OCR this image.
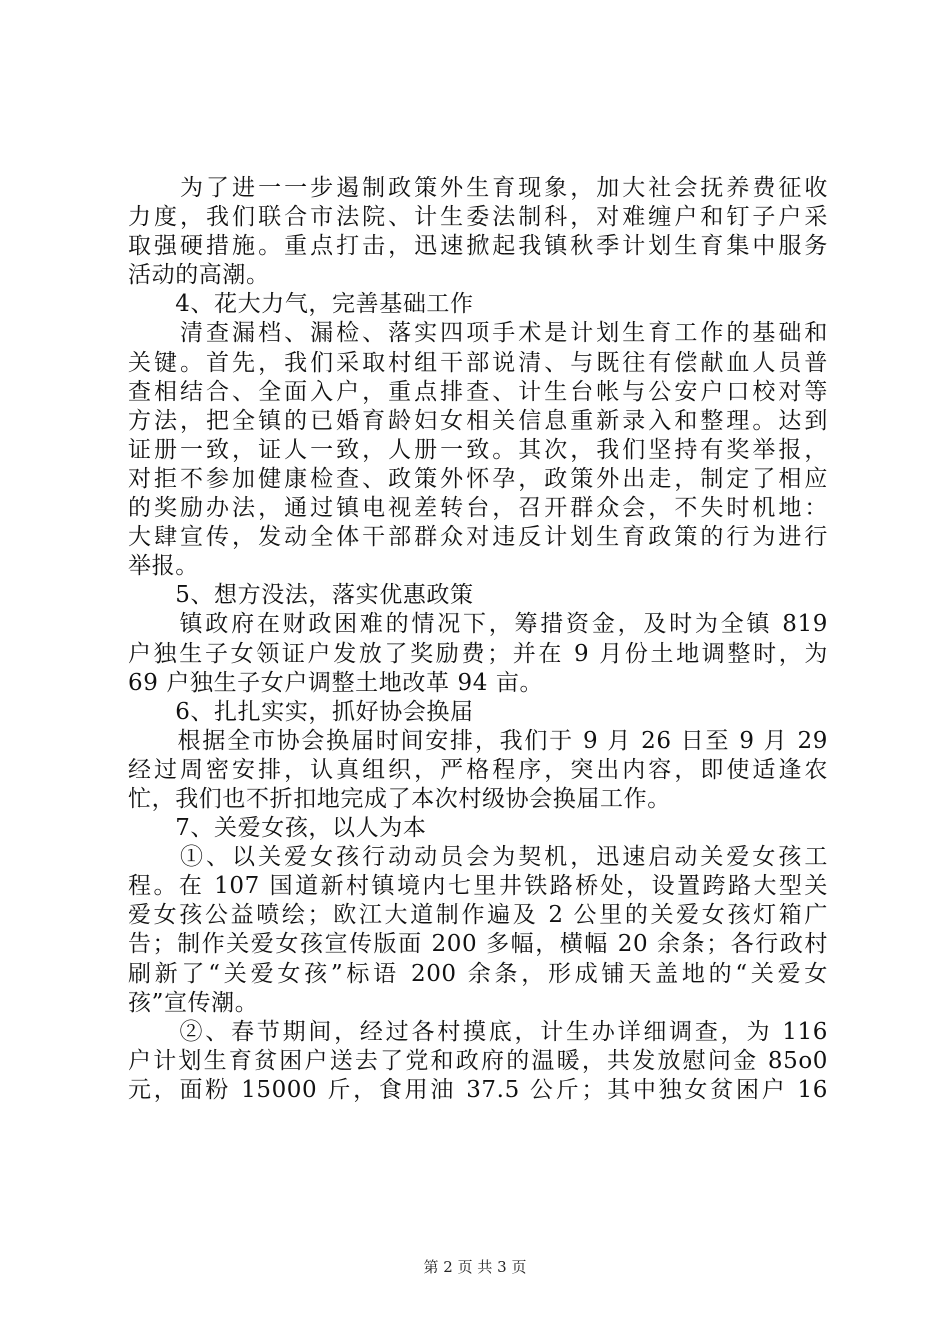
　　为了进一一步遏制政策外生育现象，加大社会抚养费征收
力度，我们联合市法院、计生委法制科，对难缠户和钉子户采
取强硬措施。重点打击，迅速掀起我镇秋季计划生育集中服务
活动的高潮。
　　4、花大力气，完善基础工作
　　清查漏档、漏检、落实四项手术是计划生育工作的基础和
关键。首先，我们采取村组干部说清、与既往有偿献血人员普
查相结合、全面入户，重点排查、计生台帐与公安户口校对等
方法，把全镇的已婚育龄妇女相关信息重新录入和整理。达到
证册一致，证人一致，人册一致。其次，我们坚持有奖举报，
对拒不参加健康检查、政策外怀孕，政策外出走，制定了相应
的奖励办法，通过镇电视差转台，召开群众会，不失时机地：
大肆宣传，发动全体干部群众对违反计划生育政策的行为进行
举报。
　　5、想方没法，落实优惠政策
　　镇政府在财政困难的情况下，筹措资金，及时为全镇 819
户独生子女领证户发放了奖励费；并在 9 月份土地调整时，为
69 户独生子女户调整土地改革 94 亩。
　　6、扎扎实实，抓好协会换届
　　根据全市协会换届时间安排，我们于 9 月 26 日至 9 月 29
经过周密安排，认真组织，严格程序，突出内容，即使适逢农
忙，我们也不折扣地完成了本次村级协会换届工作。
　　7、关爱女孩，以人为本
　　①、以关爱女孩行动动员会为契机，迅速启动关爱女孩工
程。在 107 国道新村镇境内七里井铁路桥处，设置跨路大型关
爱女孩公益喷绘；欧江大道制作遍及 2 公里的关爱女孩灯箱广
告；制作关爱女孩宣传版面 200 多幅，横幅 20 余条；各行政村
刷新了“关爱女孩”标语 200 余条，形成铺天盖地的“关爱女
孩”宣传潮。
　　②、春节期间，经过各村摸底，计生办详细调查，为 116
户计划生育贫困户送去了党和政府的温暖，共发放慰问金 85o0
元，面粉 15000 斤，食用油 37.5 公斤；其中独女贫困户 16
第 2 页 共 3 页
